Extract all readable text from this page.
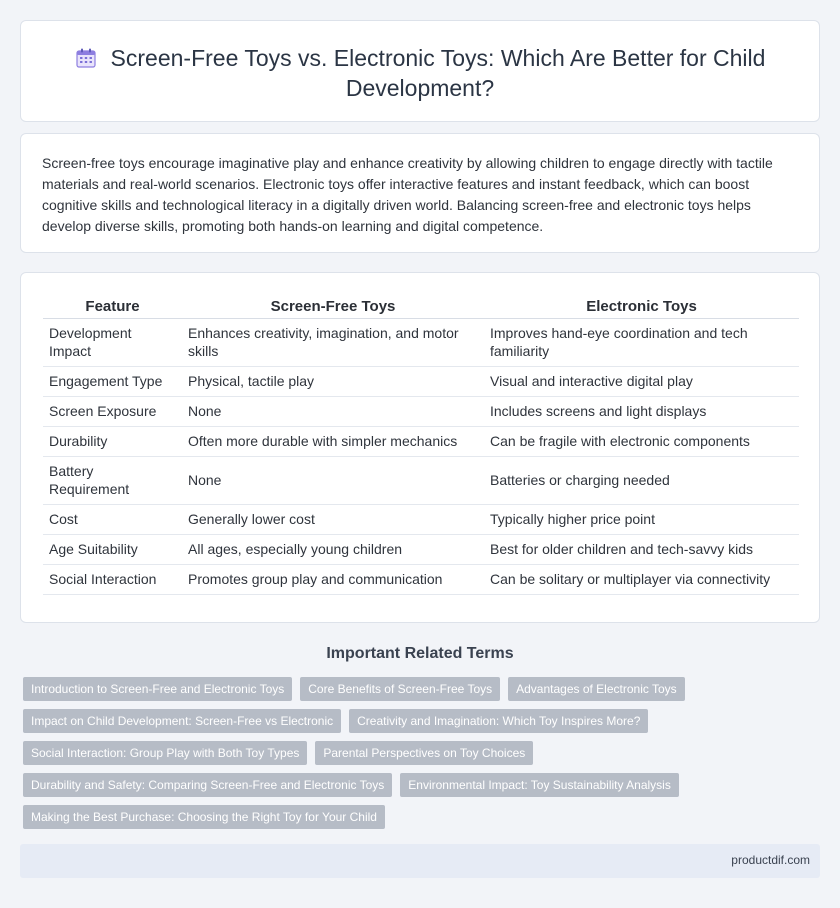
Screen-Free Toys vs. Electronic Toys: Which Are Better for Child Development?

Screen-free toys encourage imaginative play and enhance creativity by allowing children to engage directly with tactile materials and real-world scenarios. Electronic toys offer interactive features and instant feedback, which can boost cognitive skills and technological literacy in a digitally driven world. Balancing screen-free and electronic toys helps develop diverse skills, promoting both hands-on learning and digital competence.

Feature	Screen-Free Toys	Electronic Toys
Development Impact	Enhances creativity, imagination, and motor skills	Improves hand-eye coordination and tech familiarity
Engagement Type	Physical, tactile play	Visual and interactive digital play
Screen Exposure	None	Includes screens and light displays
Durability	Often more durable with simpler mechanics	Can be fragile with electronic components
Battery Requirement	None	Batteries or charging needed
Cost	Generally lower cost	Typically higher price point
Age Suitability	All ages, especially young children	Best for older children and tech-savvy kids
Social Interaction	Promotes group play and communication	Can be solitary or multiplayer via connectivity
Important Related Terms
Introduction to Screen-Free and Electronic Toys	Core Benefits of Screen-Free Toys	Advantages of Electronic Toys
Impact on Child Development: Screen-Free vs Electronic	Creativity and Imagination: Which Toy Inspires More?
Social Interaction: Group Play with Both Toy Types	Parental Perspectives on Toy Choices
Durability and Safety: Comparing Screen-Free and Electronic Toys	Environmental Impact: Toy Sustainability Analysis
Making the Best Purchase: Choosing the Right Toy for Your Child
productdif.com
